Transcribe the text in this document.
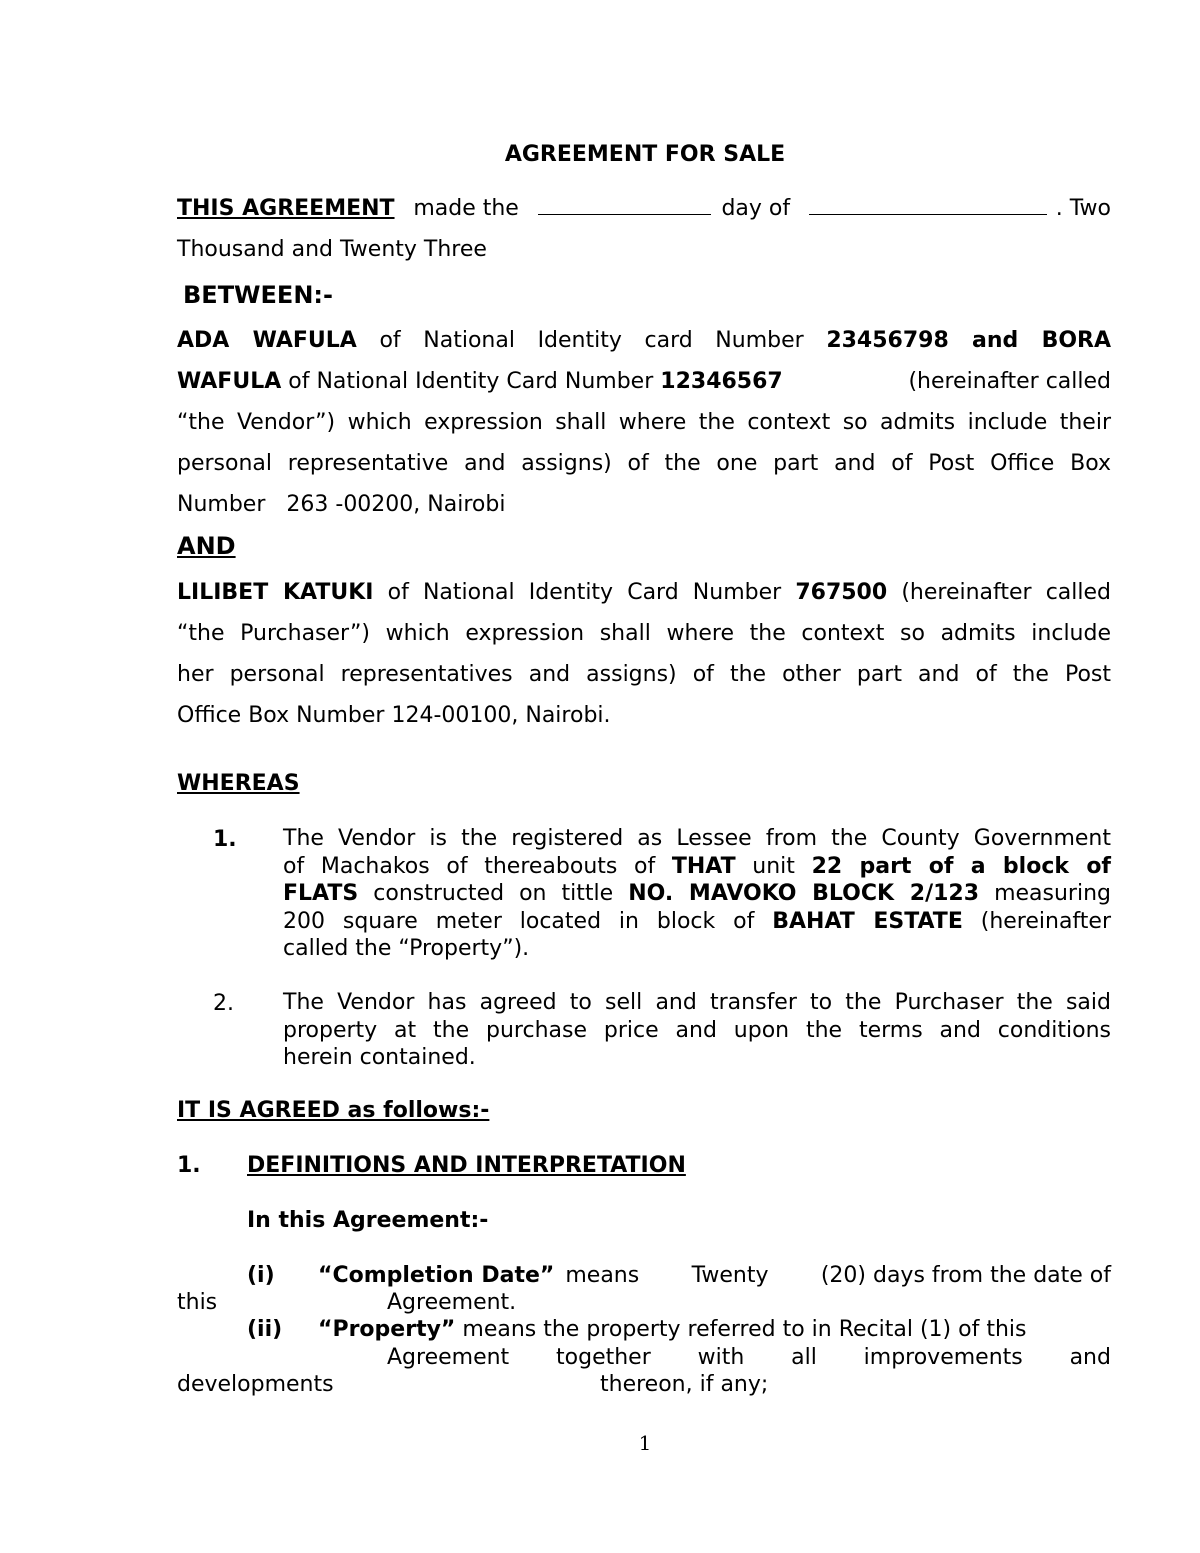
AGREEMENT FOR SALE
THIS AGREEMENT made the	day of	. Two
Thousand and Twenty Three
BETWEEN:-
ADA WAFULA of National Identity card Number 23456798 and BORA
WAFULA of National Identity Card Number 12346567	(hereinafter called
“the Vendor”) which expression shall where the context so admits include their
personal representative and assigns) of the one part and of Post Office Box
Number 263 -00200, Nairobi
AND
LILIBET KATUKI of National Identity Card Number 767500 (hereinafter called
“the Purchaser”) which expression shall where the context so admits include
her personal representatives and assigns) of the other part and of the Post
Office Box Number 124-00100, Nairobi.
WHEREAS
1. The Vendor is the registered as Lessee from the County Government
of Machakos of thereabouts of THAT unit 22 part of a block of
FLATS constructed on tittle NO. MAVOKO BLOCK 2/123 measuring
200 square meter located in block of BAHAT ESTATE (hereinafter
called the “Property”).
2. The Vendor has agreed to sell and transfer to the Purchaser the said
property at the purchase price and upon the terms and conditions
herein contained.
IT IS AGREED as follows:-
1. DEFINITIONS AND INTERPRETATION
In this Agreement:-
(i) “Completion Date” means Twenty (20) days from the date of
this	Agreement.
(ii) “Property” means the property referred to in Recital (1) of this
Agreement together with all improvements and
developments	thereon, if any;
1
